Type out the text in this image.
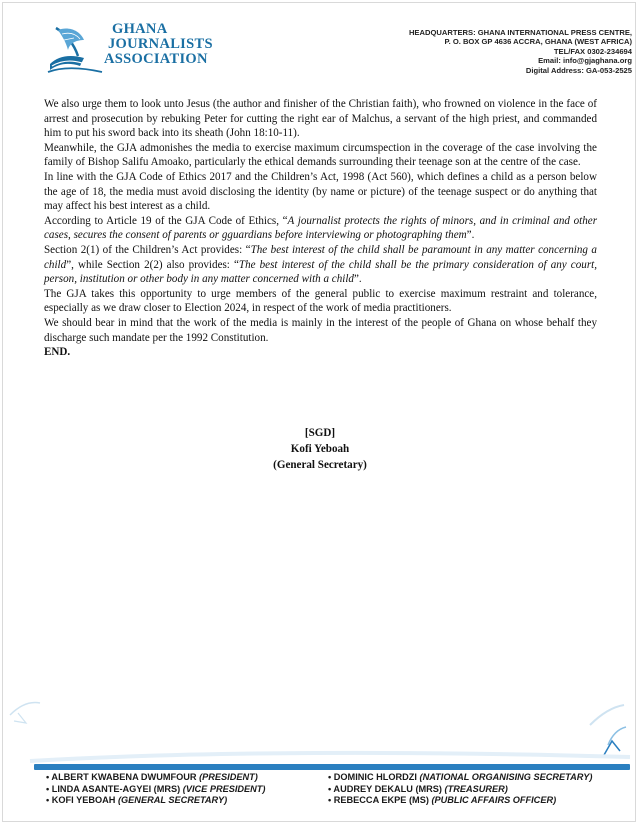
GHANA
JOURNALISTS
ASSOCIATION
HEADQUARTERS: GHANA INTERNATIONAL PRESS CENTRE,
P. O. BOX GP 4636 ACCRA, GHANA (WEST AFRICA)
TEL/FAX 0302-234694
Email: info@gjaghana.org
Digital Address: GA-053-2525

We also urge them to look unto Jesus (the author and finisher of the Christian faith), who frowned on violence in the face of arrest and prosecution by rebuking Peter for cutting the right ear of Malchus, a servant of the high priest, and commanded him to put his sword back into its sheath (John 18:10-11).

Meanwhile, the GJA admonishes the media to exercise maximum circumspection in the coverage of the case involving the family of Bishop Salifu Amoako, particularly the ethical demands surrounding their teenage son at the centre of the case.

In line with the GJA Code of Ethics 2017 and the Children’s Act, 1998 (Act 560), which defines a child as a person below the age of 18, the media must avoid disclosing the identity (by name or picture) of the teenage suspect or do anything that may affect his best interest as a child.

According to Article 19 of the GJA Code of Ethics, “A journalist protects the rights of minors, and in criminal and other cases, secures the consent of parents or gguardians before interviewing or photographing them”.

Section 2(1) of the Children’s Act provides: “The best interest of the child shall be paramount in any matter concerning a child”, while Section 2(2) also provides: “The best interest of the child shall be the primary consideration of any court, person, institution or other body in any matter concerned with a child”.

The GJA takes this opportunity to urge members of the general public to exercise maximum restraint and tolerance, especially as we draw closer to Election 2024, in respect of the work of media practitioners.

We should bear in mind that the work of the media is mainly in the interest of the people of Ghana on whose behalf they discharge such mandate per the 1992 Constitution.

END.

[SGD]
Kofi Yeboah
(General Secretary)
• ALBERT KWABENA DWUMFOUR (PRESIDENT)
• LINDA ASANTE-AGYEI (MRS) (VICE PRESIDENT)
• KOFI YEBOAH (GENERAL SECRETARY)
• DOMINIC HLORDZI (NATIONAL ORGANISING SECRETARY)
• AUDREY DEKALU (MRS) (TREASURER)
• REBECCA EKPE (MS) (PUBLIC AFFAIRS OFFICER)
